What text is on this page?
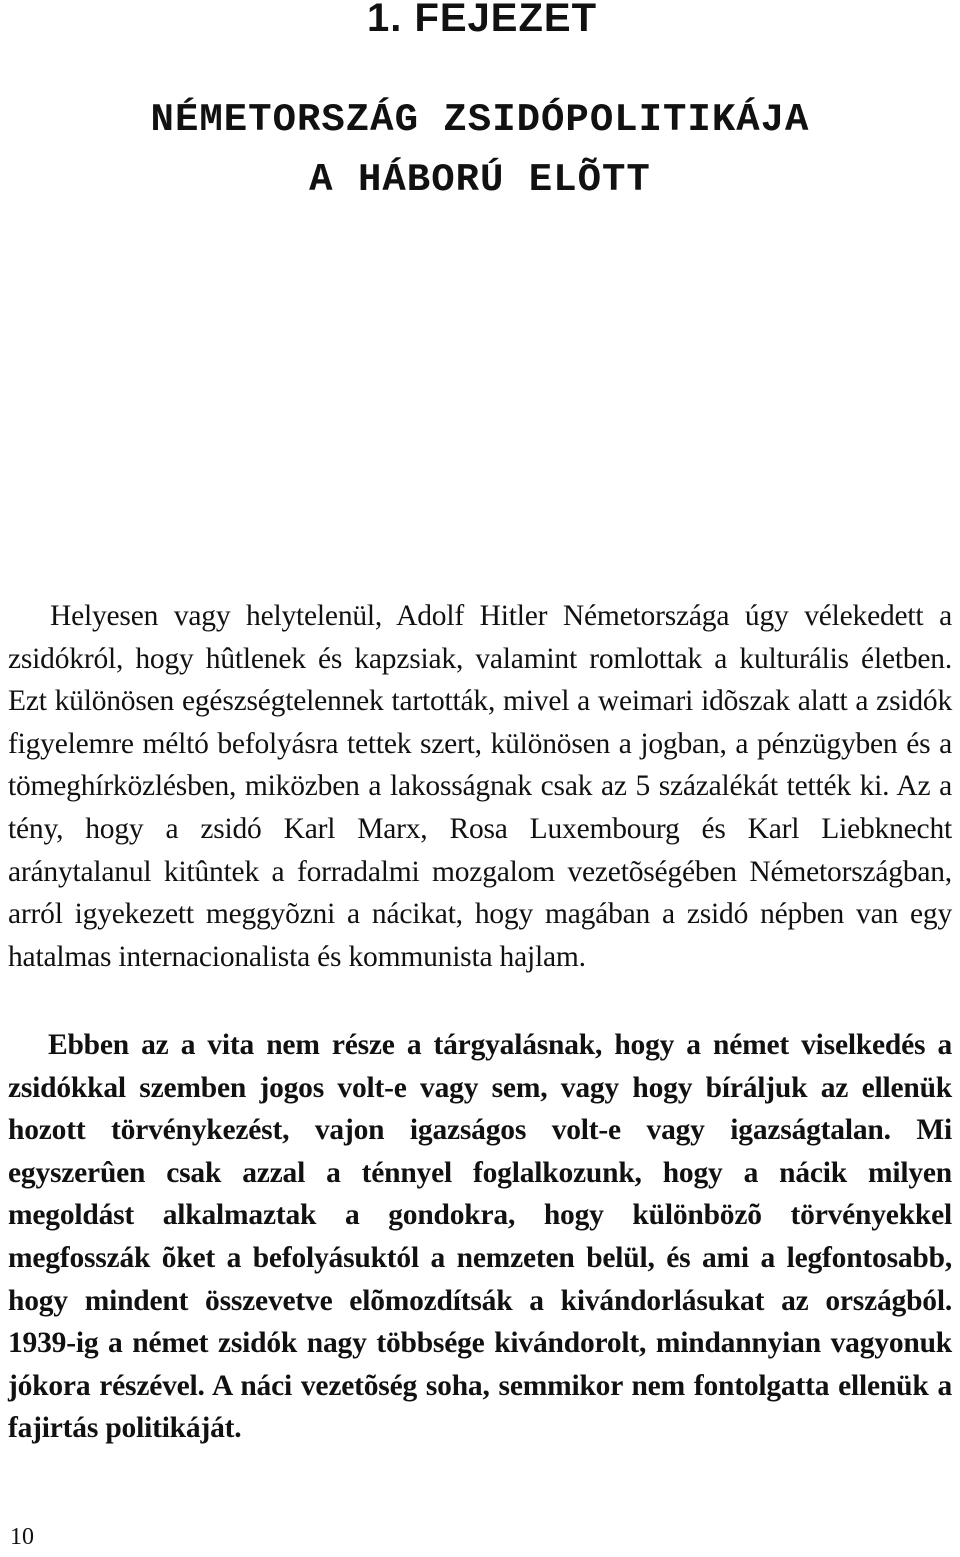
1. FEJEZET
NÉMETORSZÁG ZSIDÓPOLITIKÁJA
A HÁBORÚ ELÕTT

Helyesen vagy helytelenül, Adolf Hitler Németországa úgy vélekedett a zsidókról, hogy hûtlenek és kapzsiak, valamint romlottak a kulturális életben. Ezt különösen egészségtelennek tartották, mivel a weimari idõszak alatt a zsidók figyelemre méltó befolyásra tettek szert, különösen a jogban, a pénzügyben és a tömeghírközlésben, miközben a lakosságnak csak az 5 százalékát tették ki. Az a tény, hogy a zsidó Karl Marx, Rosa Luxembourg és Karl Liebknecht aránytalanul kitûntek a forradalmi mozgalom vezetõségében Németországban, arról igyekezett meggyõzni a nácikat, hogy magában a zsidó népben van egy hatalmas internacionalista és kommunista hajlam.

Ebben az a vita nem része a tárgyalásnak, hogy a német viselkedés a zsidókkal szemben jogos volt-e vagy sem, vagy hogy bíráljuk az ellenük hozott törvénykezést, vajon igazságos volt-e vagy igazságtalan. Mi egyszerûen csak azzal a ténnyel foglalkozunk, hogy a nácik milyen megoldást alkalmaztak a gondokra, hogy különbözõ törvényekkel megfosszák õket a befolyásuktól a nemzeten belül, és ami a legfontosabb, hogy mindent összevetve elõmozdítsák a kivándorlásukat az országból. 1939-ig a német zsidók nagy többsége kivándorolt, mindannyian vagyonuk jókora részével. A náci vezetõség soha, semmikor nem fontolgatta ellenük a fajirtás politikáját.

10
